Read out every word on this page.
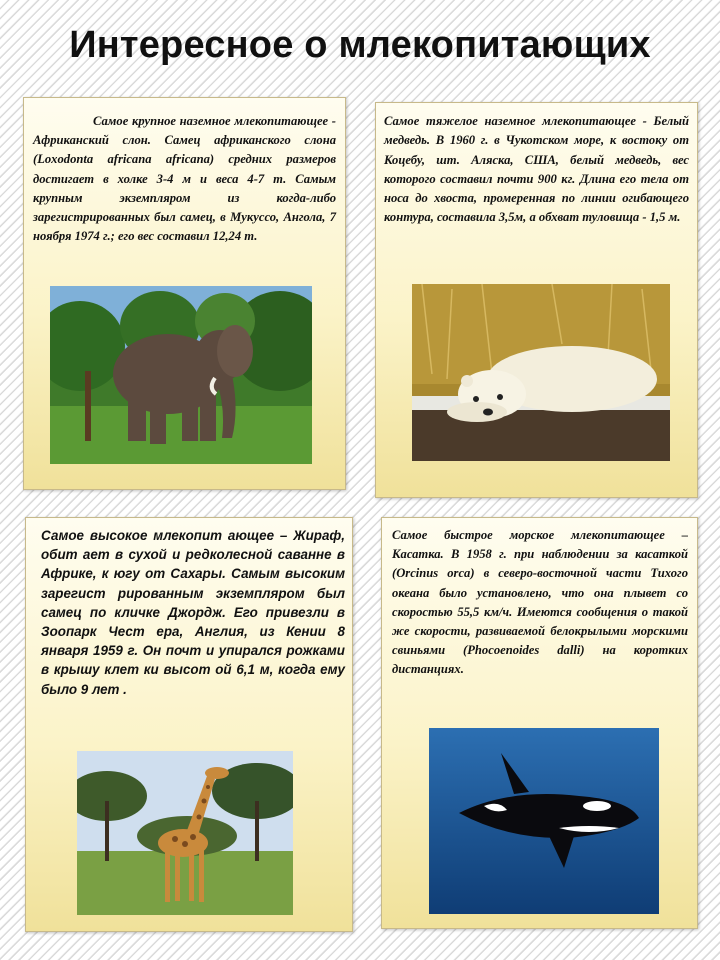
Интересное о млекопитающих

Самое крупное наземное млекопитающее - Африканский слон. Самец африканского слона (Loxodonta africana africana) средних размеров достигает в холке 3-4 м и веса 4-7 т. Самым крупным экземпляром из когда-либо зарегистрированных был самец, в Мукуссо, Ангола, 7 ноября 1974 г.; его вес составил 12,24 т.

Самое тяжелое наземное млекопитающее - Белый медведь. В 1960 г. в Чукотском море, к востоку от Коцебу, шт. Аляска, США, белый медведь, вес которого составил почти 900 кг. Длина его тела от носа до хвоста, промеренная по линии огибающего контура, составила 3,5м, а обхват туловища - 1,5 м.

Самое высокое млекопит ающее – Жираф, обит ает в сухой и редколесной саванне в Африке, к югу от Сахары. Самым высоким зарегист рированным экземпляром был самец по кличке Джордж. Его привезли в Зоопарк Чест ера, Англия, из Кении 8 января 1959 г. Он почт и упирался рожками в крышу клет ки высот ой 6,1 м, когда ему было 9 лет .

Самое быстрое морское млекопитающее – Касатка. В 1958 г. при наблюдении за касаткой (Orcinus orca) в северо-восточной части Тихого океана было установлено, что она плывет со скоростью 55,5 км/ч. Имеются сообщения о такой же скорости, развиваемой белокрылыми морскими свиньями (Phocoenoides dalli) на коротких дистанциях.
